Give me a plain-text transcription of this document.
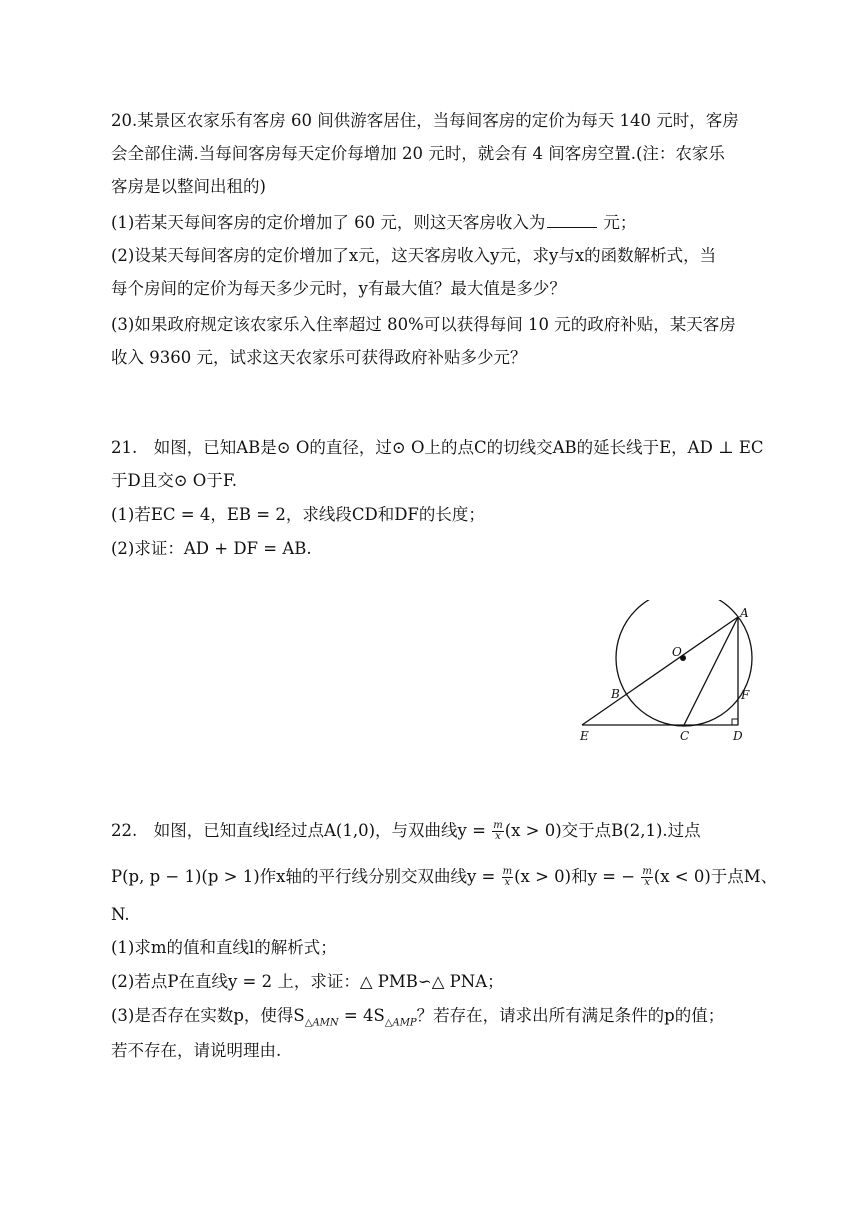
20.某景区农家乐有客房 60 间供游客居住，当每间客房的定价为每天 140 元时，客房
会全部住满.当每间客房每天定价每增加 20 元时，就会有 4 间客房空置.(注：农家乐
客房是以整间出租的)
(1)若某天每间客房的定价增加了 60 元，则这天客房收入为	元；
(2)设某天每间客房的定价增加了x元，这天客房收入y元，求y与x的函数解析式，当
每个房间的定价为每天多少元时，y有最大值？最大值是多少？
(3)如果政府规定该农家乐入住率超过 80%可以获得每间 10 元的政府补贴，某天客房
收入 9360 元，试求这天农家乐可获得政府补贴多少元？
21.　如图，已知AB是⊙ O的直径，过⊙ O上的点C的切线交AB的延长线于E，AD ⊥ EC
于D且交⊙ O于F.
(1)若EC = 4，EB = 2，求线段CD和DF的长度；
(2)求证：AD + DF = AB.
A
O
B	F
E	C	D
22.　如图，已知直线l经过点A(1,0)，与双曲线$y = \frac{m}{x} (x > 0)$交于点B(2,1).过点
P(p, p − 1)(p > 1)作x轴的平行线分别交双曲线$y = \frac{m}{x} (x > 0)$和y = − $\frac{m}{x} (x < 0)$于点M、
N.
(1)求m的值和直线l的解析式；
(2)若点P在直线y = 2 上，求证：△ PMB∽△ PNA；
(3)是否存在实数p，使得$S_{\triangle AMN} = 4S_{\triangle AMP}$？若存在，请求出所有满足条件的p的值；
若不存在，请说明理由.
